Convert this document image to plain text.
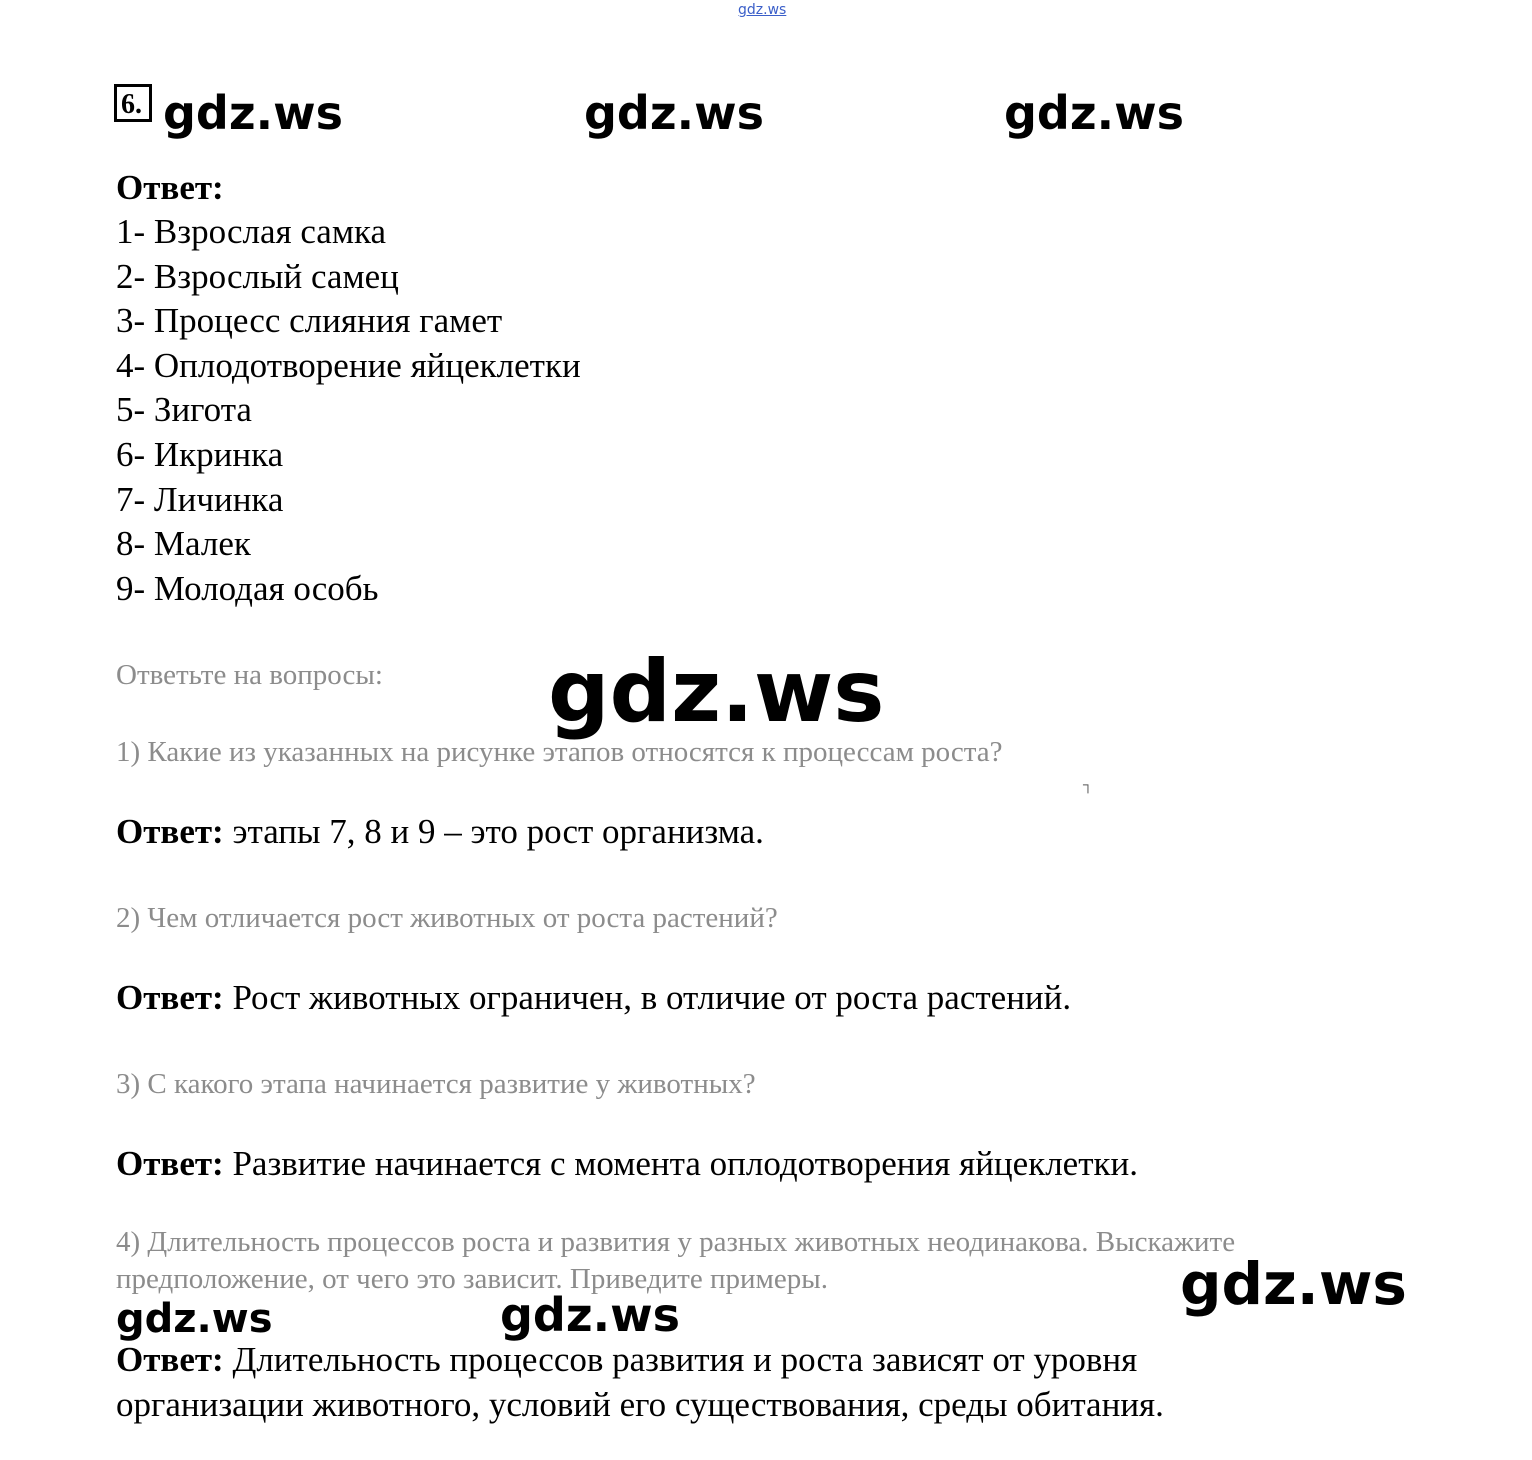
gdz.ws
6. gdz.ws	gdz.ws	gdz.ws
Ответ:
1- Взрослая самка
2- Взрослый самец
3- Процесс слияния гамет
4- Оплодотворение яйцеклетки
5- Зигота
6- Икринка
7- Личинка
8- Малек
9- Молодая особь
Ответьте на вопросы: gdz.ws
1) Какие из указанных на рисунке этапов относятся к процессам роста?
┐
Ответ: этапы 7, 8 и 9 – это рост организма.
2) Чем отличается рост животных от роста растений?
Ответ: Рост животных ограничен, в отличие от роста растений.
3) С какого этапа начинается развитие у животных?
Ответ: Развитие начинается с момента оплодотворения яйцеклетки.
4) Длительность процессов роста и развития у разных животных неодинакова. Выскажите
предположение, от чего это зависит. Приведите примеры.	gdz.ws
gdz.ws	gdz.ws
Ответ: Длительность процессов развития и роста зависят от уровня
организации животного, условий его существования, среды обитания.
